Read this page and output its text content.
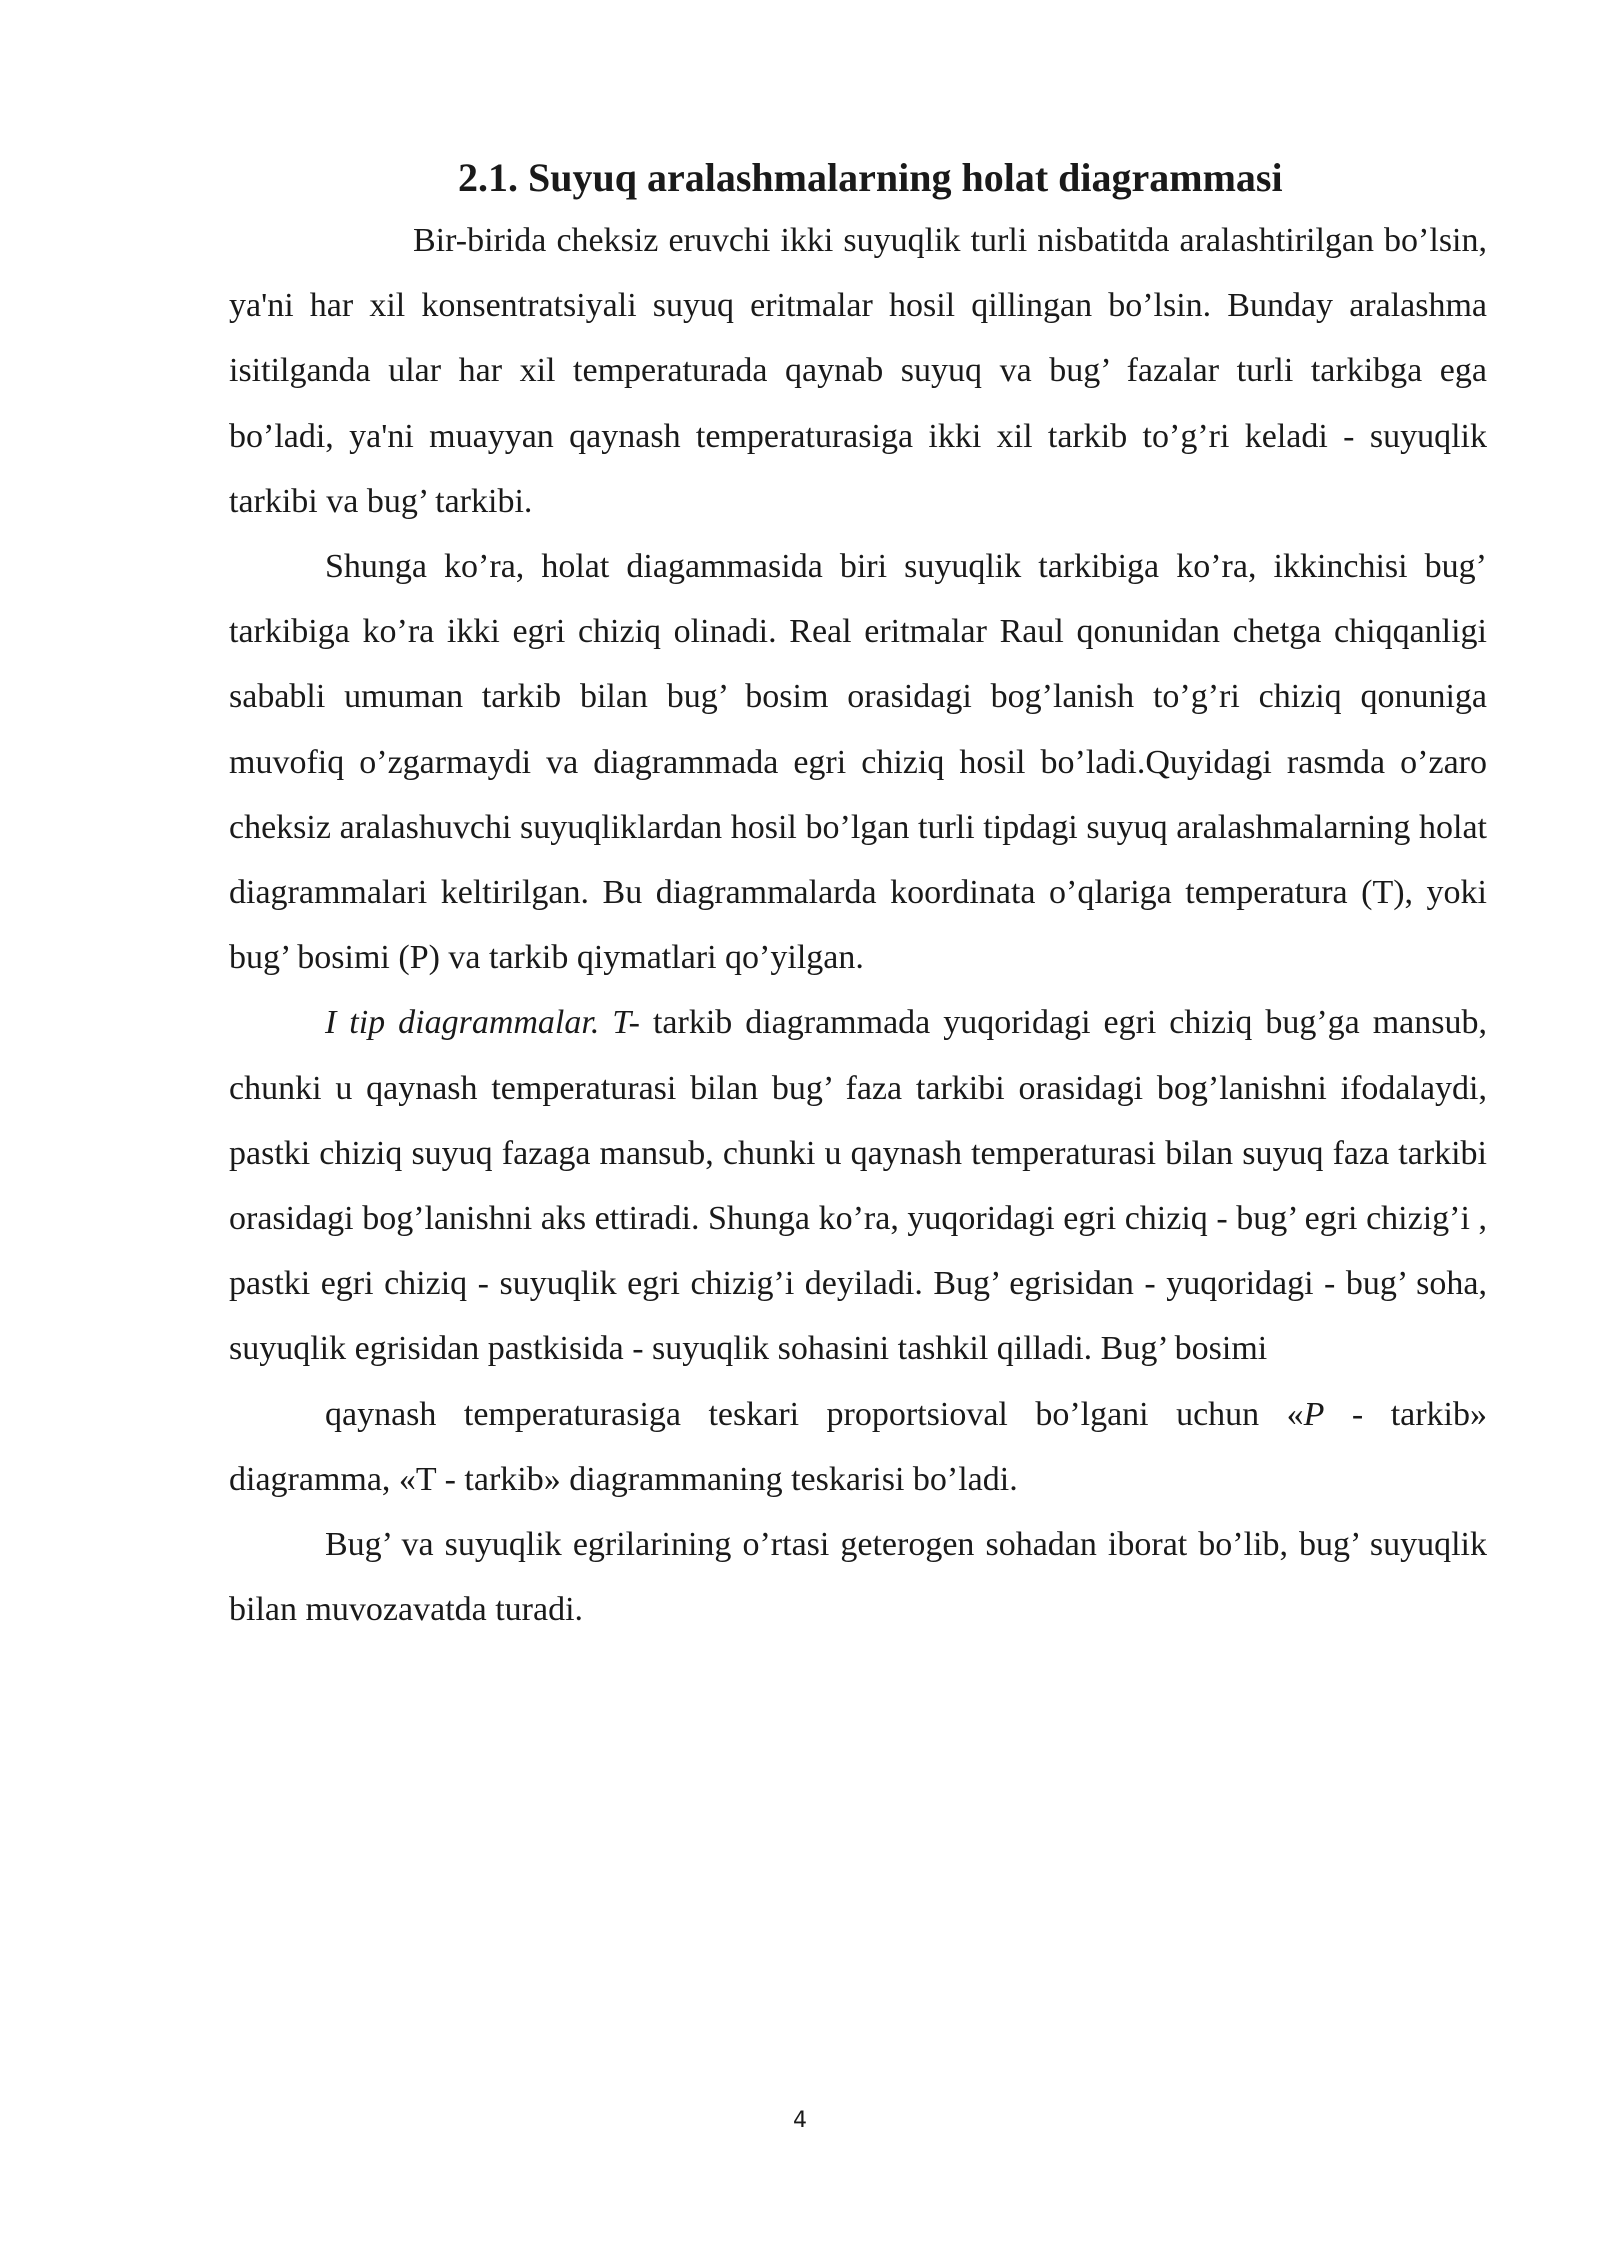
2.1. Suyuq aralashmalarning holat diagrammasi

Bir-birida cheksiz eruvchi ikki suyuqlik turli nisbatitda aralashtirilgan bo’lsin, ya'ni har xil konsentratsiyali suyuq eritmalar hosil qillingan bo’lsin. Bunday aralashma isitilganda ular har xil temperaturada qaynab suyuq va bug’ fazalar turli tarkibga ega bo’ladi, ya'ni muayyan qaynash temperaturasiga ikki xil tarkib to’g’ri keladi - suyuqlik tarkibi va bug’ tarkibi.

Shunga ko’ra, holat diagammasida biri suyuqlik tarkibiga ko’ra, ikkinchisi bug’ tarkibiga ko’ra ikki egri chiziq olinadi. Real eritmalar Raul qonunidan chetga chiqqanligi sababli umuman tarkib bilan bug’ bosim orasidagi bog’lanish to’g’ri chiziq qonuniga muvofiq o’zgarmaydi va diagrammada egri chiziq hosil bo’ladi.Quyidagi rasmda o’zaro cheksiz aralashuvchi suyuqliklardan hosil bo’lgan turli tipdagi suyuq aralashmalarning holat diagrammalari keltirilgan. Bu diagrammalarda koordinata o’qlariga temperatura (T), yoki bug’ bosimi (P) va tarkib qiymatlari qo’yilgan.

I tip diagrammalar. T- tarkib diagrammada yuqoridagi egri chiziq bug’ga mansub, chunki u qaynash temperaturasi bilan bug’ faza tarkibi orasidagi bog’lanishni ifodalaydi, pastki chiziq suyuq fazaga mansub, chunki u qaynash temperaturasi bilan suyuq faza tarkibi orasidagi bog’lanishni aks ettiradi. Shunga ko’ra, yuqoridagi egri chiziq - bug’ egri chizig’i , pastki egri chiziq - suyuqlik egri chizig’i deyiladi. Bug’ egrisidan - yuqoridagi - bug’ soha, suyuqlik egrisidan pastkisida - suyuqlik sohasini tashkil qilladi. Bug’ bosimi

qaynash temperaturasiga teskari proportsioval bo’lgani uchun «P - tarkib» diagramma, «T - tarkib» diagrammaning teskarisi bo’ladi.

Bug’ va suyuqlik egrilarining o’rtasi geterogen sohadan iborat bo’lib, bug’ suyuqlik bilan muvozavatda turadi.

4
